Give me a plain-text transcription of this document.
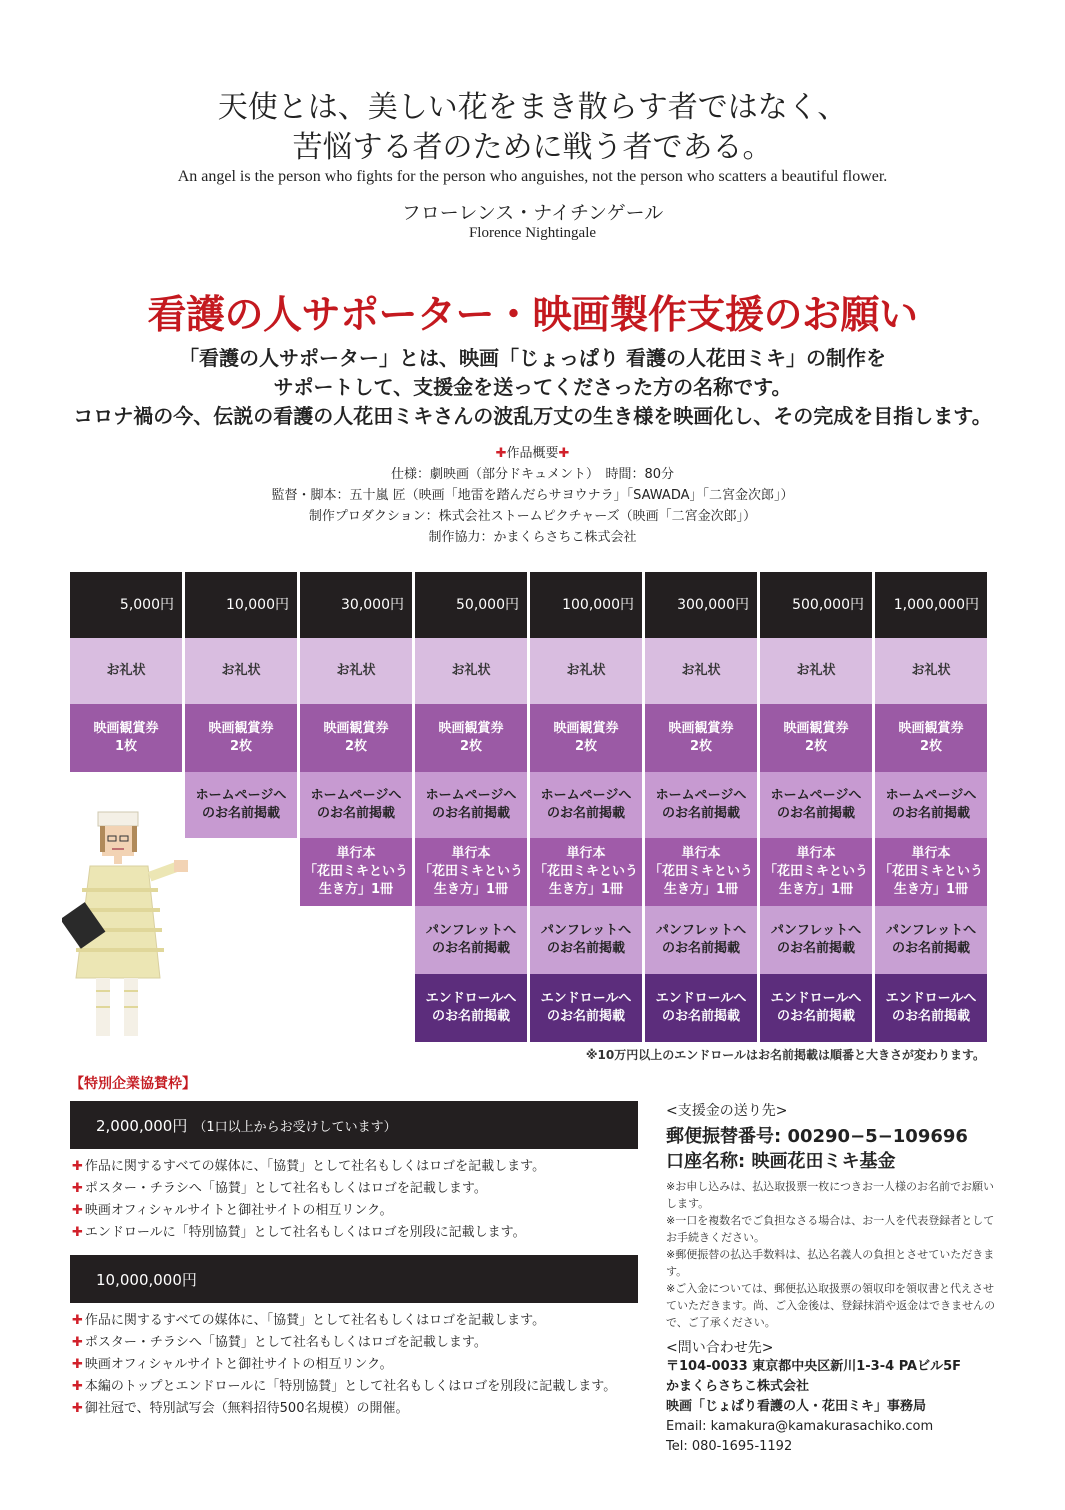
天使とは、美しい花をまき散らす者ではなく、
苦悩する者のために戦う者である。
An angel is the person who fights for the person who anguishes, not the person who scatters a beautiful flower.
フローレンス・ナイチンゲール
Florence Nightingale
看護の人サポーター・映画製作支援のお願い
「看護の人サポーター」とは、映画「じょっぱり 看護の人花田ミキ」の制作を
サポートして、支援金を送ってくださった方の名称です。
コロナ禍の今、伝説の看護の人花田ミキさんの波乱万丈の生き様を映画化し、その完成を目指します。
✚作品概要✚
仕様：劇映画（部分ドキュメント）　時間：80分
監督・脚本：五十嵐 匠（映画「地雷を踏んだらサヨウナラ」「SAWADA」「二宮金次郎」）
制作プロダクション：株式会社ストームピクチャーズ（映画「二宮金次郎」）
制作協力：かまくらさちこ株式会社
5,000円
お礼状
映画観賞券
1枚
10,000円
お礼状
映画観賞券
2枚
ホームページへ
のお名前掲載
30,000円
お礼状
映画観賞券
2枚
ホームページへ
のお名前掲載
単行本
「花田ミキという
生き方」1冊
50,000円
お礼状
映画観賞券
2枚
ホームページへ
のお名前掲載
単行本
「花田ミキという
生き方」1冊
パンフレットへ
のお名前掲載
エンドロールへ
のお名前掲載
100,000円
お礼状
映画観賞券
2枚
ホームページへ
のお名前掲載
単行本
「花田ミキという
生き方」1冊
パンフレットへ
のお名前掲載
エンドロールへ
のお名前掲載
300,000円
お礼状
映画観賞券
2枚
ホームページへ
のお名前掲載
単行本
「花田ミキという
生き方」1冊
パンフレットへ
のお名前掲載
エンドロールへ
のお名前掲載
500,000円
お礼状
映画観賞券
2枚
ホームページへ
のお名前掲載
単行本
「花田ミキという
生き方」1冊
パンフレットへ
のお名前掲載
エンドロールへ
のお名前掲載
1,000,000円
お礼状
映画観賞券
2枚
ホームページへ
のお名前掲載
単行本
「花田ミキという
生き方」1冊
パンフレットへ
のお名前掲載
エンドロールへ
のお名前掲載
※10万円以上のエンドロールはお名前掲載は順番と大きさが変わります。
【特別企業協賛枠】
2,000,000円 （1口以上からお受けしています）
✚ 作品に関するすべての媒体に、「協賛」として社名もしくはロゴを記載します。
✚ ポスター・チラシへ「協賛」として社名もしくはロゴを記載します。
✚ 映画オフィシャルサイトと御社サイトの相互リンク。
✚ エンドロールに「特別協賛」として社名もしくはロゴを別段に記載します。
10,000,000円
✚ 作品に関するすべての媒体に、「協賛」として社名もしくはロゴを記載します。
✚ ポスター・チラシへ「協賛」として社名もしくはロゴを記載します。
✚ 映画オフィシャルサイトと御社サイトの相互リンク。
✚ 本編のトップとエンドロールに「特別協賛」として社名もしくはロゴを別段に記載します。
✚ 御社冠で、特別試写会（無料招待500名規模）の開催。
<支援金の送り先>
郵便振替番号: 00290−5−109696
口座名称: 映画花田ミキ基金
※お申し込みは、払込取扱票一枚につきお一人様のお名前でお願いします。
※一口を複数名でご負担なさる場合は、お一人を代表登録者としてお手続きください。
※郵便振替の払込手数料は、払込名義人の負担とさせていただきます。
※ご入金については、郵便払込取扱票の領収印を領収書と代えさせていただきます。尚、ご入金後は、登録抹消や返金はできませんので、ご了承ください。
<問い合わせ先>
〒104-0033 東京都中央区新川1-3-4 PAビル5F
かまくらさちこ株式会社
映画「じょぱり看護の人・花田ミキ」事務局
Email: kamakura@kamakurasachiko.com
Tel: 080-1695-1192
